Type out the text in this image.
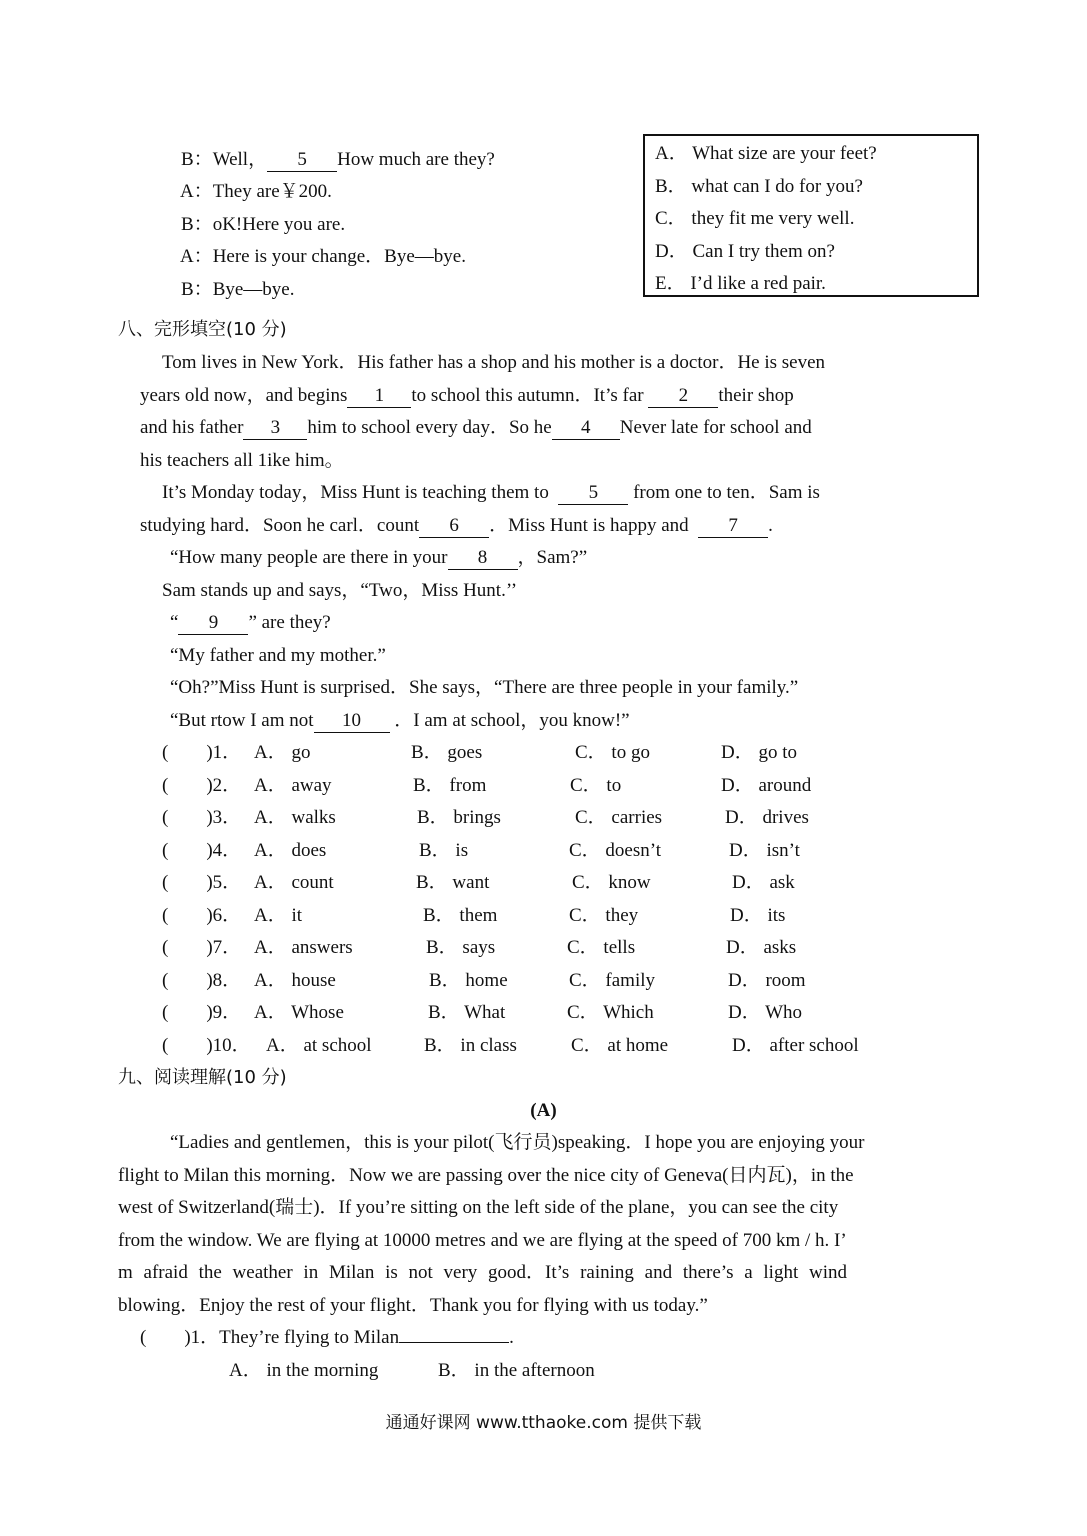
B：Well， 5 How much are they?

A：They are￥200.

B：oK!Here you are.

A：Here is your change．Bye—bye.

B：Bye—bye.

A． What size are your feet?
B． what can I do for you?
C． they fit me very well.
D． Can I try them on?
E． I’d like a red pair.
八、完形填空(10 分)
Tom lives in New York．His father has a shop and his mother is a doctor．He is seven
years old now，and begins 1 to school this autumn．It’s far 2 their shop
and his father 3 him to school every day．So he 4 Never late for school and
his teachers all 1ike him。
It’s Monday today，Miss Hunt is teaching them to 5 from one to ten．Sam is
studying hard．Soon he carl．count 6 ．Miss Hunt is happy and 7 .
“How many people are there in your 8 ，Sam?”
Sam stands up and says，“Two，Miss Hunt.’’
“ 9 ” are they?
“My father and my mother.”
“Oh?”Miss Hunt is surprised．She says，“There are three people in your family.”
“But rtow I am not 10 ．I am at school，you know!”
(　　)1． A． go	B． goes	C． to go	D． go to
(　　)2． A． away	B． from	C． to	D． around
(　　)3． A． walks	B． brings	C． carries	D． drives
(　　)4． A． does	B． is	C． doesn’t	D． isn’t
(　　)5． A． count	B． want	C． know	D． ask
(　　)6． A． it	B． them	C． they	D． its
(　　)7． A． answers	B． says	C． tells	D． asks
(　　)8． A． house	B． home	C． family	D． room
(　　)9． A． Whose	B． What	C． Which	D． Who
(　　)10． A． at school	B． in class	C． at home	D． after school
九、阅读理解(10 分)
(A)
“Ladies and gentlemen，this is your pilot(飞行员)speaking．I hope you are enjoying your
flight to Milan this morning．Now we are passing over the nice city of Geneva(日内瓦)，in the
west of Switzerland(瑞士)．If you’re sitting on the left side of the plane，you can see the city
from the window. We are flying at 10000 metres and we are flying at the speed of 700 km / h. I’
m afraid the weather in Milan is not very good．It’s raining and there’s a light wind
blowing．Enjoy the rest of your flight．Thank you for flying with us today.”
(　　)1．They’re flying to Milan	.
A． in the morning	B． in the afternoon
通通好课网 www.tthaoke.com 提供下载
